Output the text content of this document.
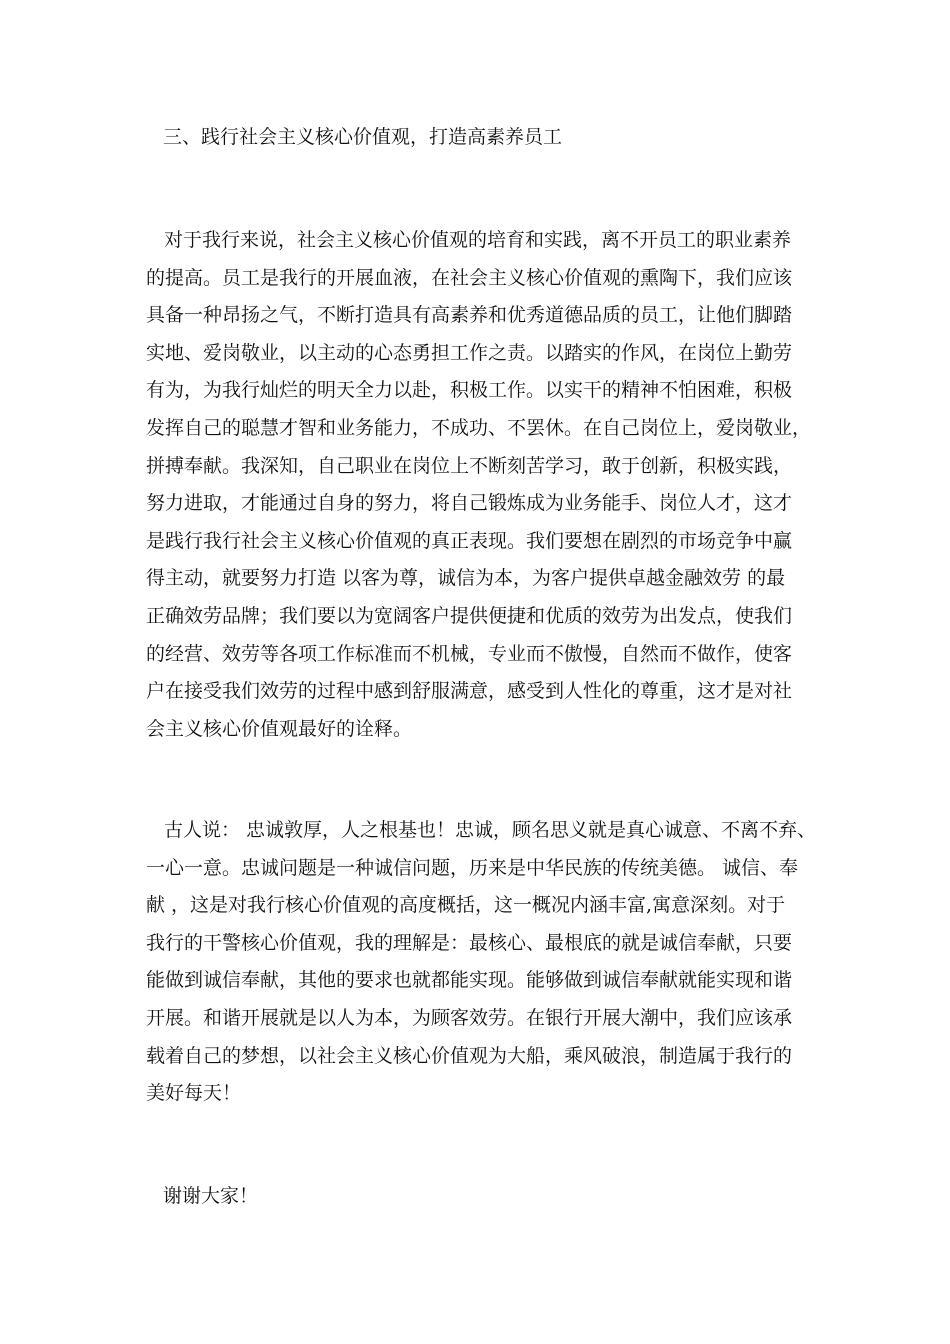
三、践行社会主义核心价值观，打造高素养员工
对于我行来说，社会主义核心价值观的培育和实践，离不开员工的职业素养
的提高。员工是我行的开展血液，在社会主义核心价值观的熏陶下，我们应该
具备一种昂扬之气，不断打造具有高素养和优秀道德品质的员工，让他们脚踏
实地、爱岗敬业，以主动的心态勇担工作之责。以踏实的作风，在岗位上勤劳
有为，为我行灿烂的明天全力以赴，积极工作。以实干的精神不怕困难，积极
发挥自己的聪慧才智和业务能力，不成功、不罢休。在自己岗位上，爱岗敬业，
拼搏奉献。我深知，自己职业在岗位上不断刻苦学习，敢于创新，积极实践，
努力进取，才能通过自身的努力，将自己锻炼成为业务能手、岗位人才，这才
是践行我行社会主义核心价值观的真正表现。我们要想在剧烈的市场竞争中赢
得主动，就要努力打造 以客为尊，诚信为本，为客户提供卓越金融效劳 的最
正确效劳品牌；我们要以为宽阔客户提供便捷和优质的效劳为出发点，使我们
的经营、效劳等各项工作标准而不机械，专业而不傲慢，自然而不做作，使客
户在接受我们效劳的过程中感到舒服满意，感受到人性化的尊重，这才是对社
会主义核心价值观最好的诠释。
古人说： 忠诚敦厚，人之根基也！忠诚，顾名思义就是真心诚意、不离不弃、
一心一意。忠诚问题是一种诚信问题，历来是中华民族的传统美德。 诚信、奉
献 ，这是对我行核心价值观的高度概括，这一概况内涵丰富,寓意深刻。对于
我行的干警核心价值观，我的理解是：最核心、最根底的就是诚信奉献，只要
能做到诚信奉献，其他的要求也就都能实现。能够做到诚信奉献就能实现和谐
开展。和谐开展就是以人为本，为顾客效劳。在银行开展大潮中，我们应该承
载着自己的梦想，以社会主义核心价值观为大船，乘风破浪，制造属于我行的
美好每天！
谢谢大家！
